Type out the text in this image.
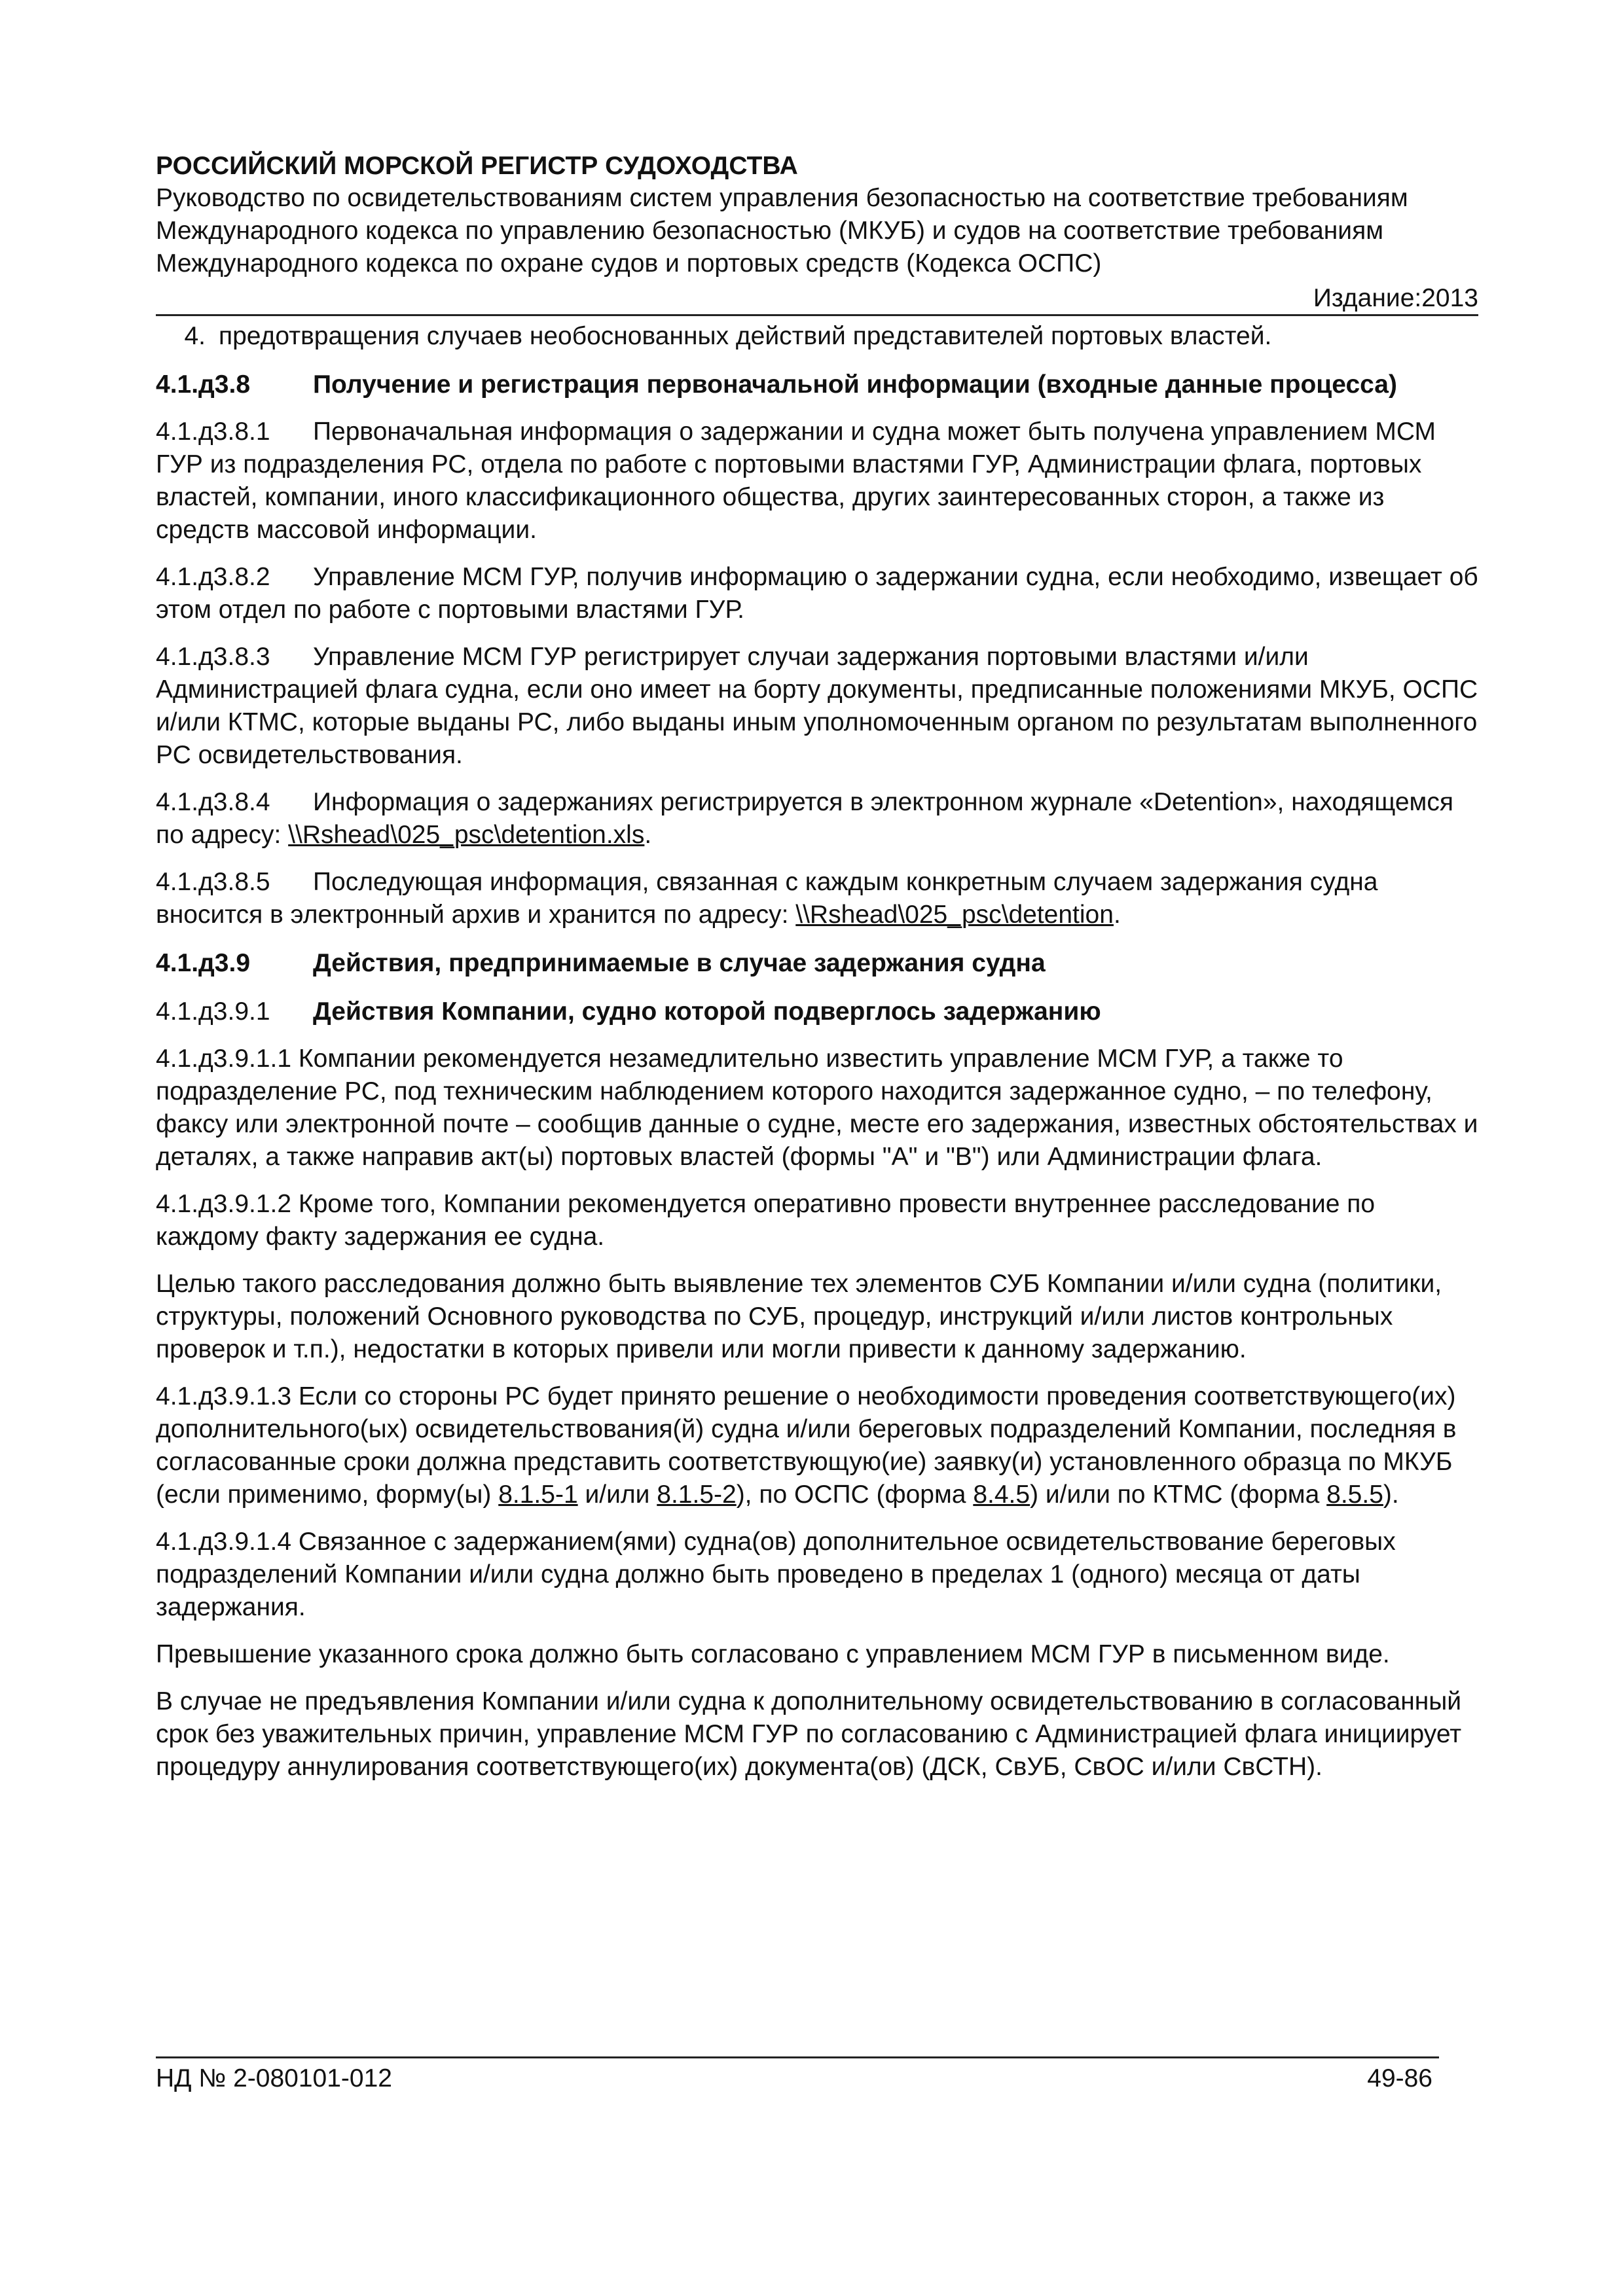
РОССИЙСКИЙ МОРСКОЙ РЕГИСТР СУДОХОДСТВА
Руководство по освидетельствованиям систем управления безопасностью на соответствие требованиям Международного кодекса по управлению безопасностью (МКУБ) и судов на соответствие требованиям Международного кодекса по охране судов и портовых средств (Кодекса ОСПС)
Издание:2013
4. предотвращения случаев необоснованных действий представителей портовых властей.
4.1.д3.8	Получение и регистрация первоначальной информации (входные данные процесса)

4.1.д3.8.1 Первоначальная информация о задержании и судна может быть получена управлением МСМ ГУР из подразделения РС, отдела по работе с портовыми властями ГУР, Администрации флага, портовых властей, компании, иного классификационного общества, других заинтересованных сторон, а также из средств массовой информации.

4.1.д3.8.2 Управление МСМ ГУР, получив информацию о задержании судна, если необходимо, извещает об этом отдел по работе с портовыми властями ГУР.

4.1.д3.8.3 Управление МСМ ГУР регистрирует случаи задержания портовыми властями и/или Администрацией флага судна, если оно имеет на борту документы, предписанные положениями МКУБ, ОСПС и/или КТМС, которые выданы РС, либо выданы иным уполномоченным органом по результатам выполненного РС освидетельствования.

4.1.д3.8.4 Информация о задержаниях регистрируется в электронном журнале «Detention», находящемся по адресу: \\Rshead\025_psc\detention.xls.

4.1.д3.8.5 Последующая информация, связанная с каждым конкретным случаем задержания судна вносится в электронный архив и хранится по адресу: \\Rshead\025_psc\detention.

4.1.д3.9	Действия, предпринимаемые в случае задержания судна
4.1.д3.9.1	Действия Компании, судно которой подверглось задержанию

4.1.д3.9.1.1 Компании рекомендуется незамедлительно известить управление МСМ ГУР, а также то подразделение РС, под техническим наблюдением которого находится задержанное судно, – по телефону, факсу или электронной почте – сообщив данные о судне, месте его задержания, известных обстоятельствах и деталях, а также направив акт(ы) портовых властей (формы "A" и "B") или Администрации флага.

4.1.д3.9.1.2 Кроме того, Компании рекомендуется оперативно провести внутреннее расследование по каждому факту задержания ее судна.

Целью такого расследования должно быть выявление тех элементов СУБ Компании и/или судна (политики, структуры, положений Основного руководства по СУБ, процедур, инструкций и/или листов контрольных проверок и т.п.), недостатки в которых привели или могли привести к данному задержанию.

4.1.д3.9.1.3 Если со стороны РС будет принято решение о необходимости проведения соответствующего(их) дополнительного(ых) освидетельствования(й) судна и/или береговых подразделений Компании, последняя в согласованные сроки должна представить соответствующую(ие) заявку(и) установленного образца по МКУБ (если применимо, форму(ы) 8.1.5-1 и/или 8.1.5-2), по ОСПС (форма 8.4.5) и/или по КТМС (форма 8.5.5).

4.1.д3.9.1.4 Связанное с задержанием(ями) судна(ов) дополнительное освидетельствование береговых подразделений Компании и/или судна должно быть проведено в пределах 1 (одного) месяца от даты задержания.

Превышение указанного срока должно быть согласовано с управлением МСМ ГУР в письменном виде.

В случае не предъявления Компании и/или судна к дополнительному освидетельствованию в согласованный срок без уважительных причин, управление МСМ ГУР по согласованию с Администрацией флага инициирует процедуру аннулирования соответствующего(их) документа(ов) (ДСК, СвУБ, СвОС и/или СвСТН).

НД № 2-080101-012	49-86
